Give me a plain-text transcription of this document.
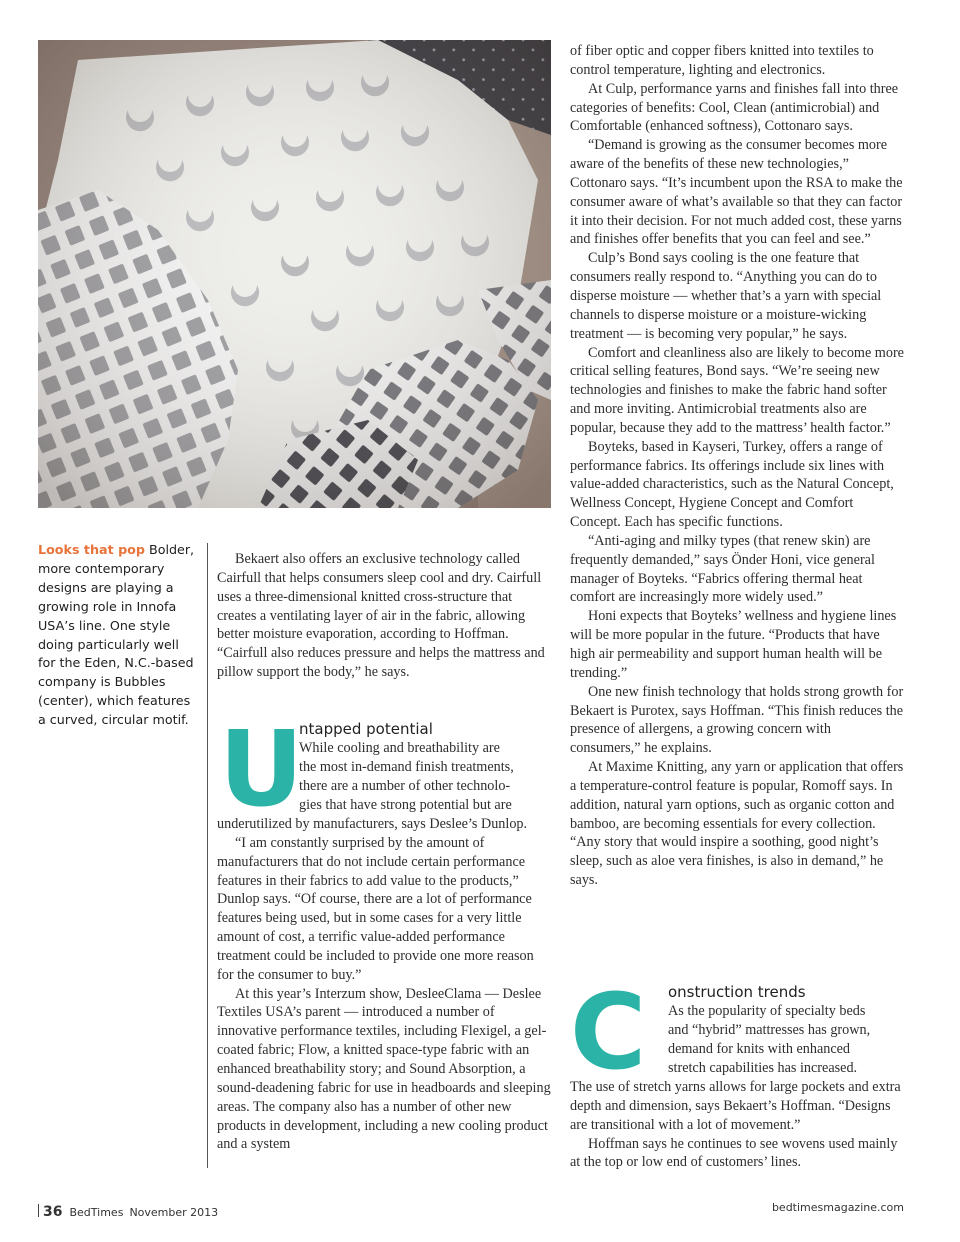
Looks that pop Bolder, more contemporary designs are playing a growing role in Innofa USA’s line. One style doing particularly well for the Eden, N.C.-based company is Bubbles (center), which features a curved, circular motif.

Bekaert also offers an exclusive technology called Cairfull that helps consumers sleep cool and dry. Cairfull uses a three-dimensional knitted cross-structure that creates a ventilating layer of air in the fabric, allowing better moisture evaporation, according to Hoffman. “Cairfull also reduces pressure and helps the mattress and pillow support the body,” he says.

U
ntapped potential

While cooling and breathability are

the most in-demand finish treatments,

there are a number of other technolo-

gies that have strong potential but are

underutilized by manufacturers, says Deslee’s Dunlop.

“I am constantly surprised by the amount of manufacturers that do not include certain performance features in their fabrics to add value to the products,” Dunlop says. “Of course, there are a lot of performance features being used, but in some cases for a very little amount of cost, a terrific value-added performance treatment could be included to provide one more reason for the consumer to buy.”

At this year’s Interzum show, DesleeClama — Deslee Textiles USA’s parent — introduced a number of innovative performance textiles, including Flexigel, a gel-coated fabric; Flow, a knitted space-type fabric with an enhanced breathability story; and Sound Absorption, a sound-deadening fabric for use in headboards and sleeping areas. The company also has a number of other new products in development, including a new cooling product and a system

of fiber optic and copper fibers knitted into textiles to control temperature, lighting and electronics.

At Culp, performance yarns and finishes fall into three categories of benefits: Cool, Clean (antimicrobial) and Comfortable (enhanced softness), Cottonaro says.

“Demand is growing as the consumer becomes more aware of the benefits of these new technologies,” Cottonaro says. “It’s incumbent upon the RSA to make the consumer aware of what’s available so that they can factor it into their decision. For not much added cost, these yarns and finishes offer benefits that you can feel and see.”

Culp’s Bond says cooling is the one feature that consumers really respond to. “Anything you can do to disperse moisture — whether that’s a yarn with special channels to disperse moisture or a moisture-wicking treatment — is becoming very popular,” he says.

Comfort and cleanliness also are likely to become more critical selling features, Bond says. “We’re seeing new technologies and finishes to make the fabric hand softer and more inviting. Antimicrobial treatments also are popular, because they add to the mattress’ health factor.”

Boyteks, based in Kayseri, Turkey, offers a range of performance fabrics. Its offerings include six lines with value-added characteristics, such as the Natural Concept, Wellness Concept, Hygiene Concept and Comfort Concept. Each has specific functions.

“Anti-aging and milky types (that renew skin) are frequently demanded,” says Önder Honi, vice general manager of Boyteks. “Fabrics offering thermal heat comfort are increasingly more widely used.”

Honi expects that Boyteks’ wellness and hygiene lines will be more popular in the future. “Products that have high air permeability and support human health will be trending.”

One new finish technology that holds strong growth for Bekaert is Purotex, says Hoffman. “This finish reduces the presence of allergens, a growing concern with consumers,” he explains.

At Maxime Knitting, any yarn or application that offers a temperature-control feature is popular, Romoff says. In addition, natural yarn options, such as organic cotton and bamboo, are becoming essentials for every collection. “Any story that would inspire a soothing, good night’s sleep, such as aloe vera finishes, is also in demand,” he says.

C onstruction trends

As the popularity of specialty beds

and “hybrid” mattresses has grown,

demand for knits with enhanced

stretch capabilities has increased.

The use of stretch yarns allows for large pockets and extra depth and dimension, says Bekaert’s Hoffman. “Designs are transitional with a lot of movement.”

Hoffman says he continues to see wovens used mainly at the top or low end of customers’ lines.

36 BedTimes November 2013	bedtimesmagazine.com
